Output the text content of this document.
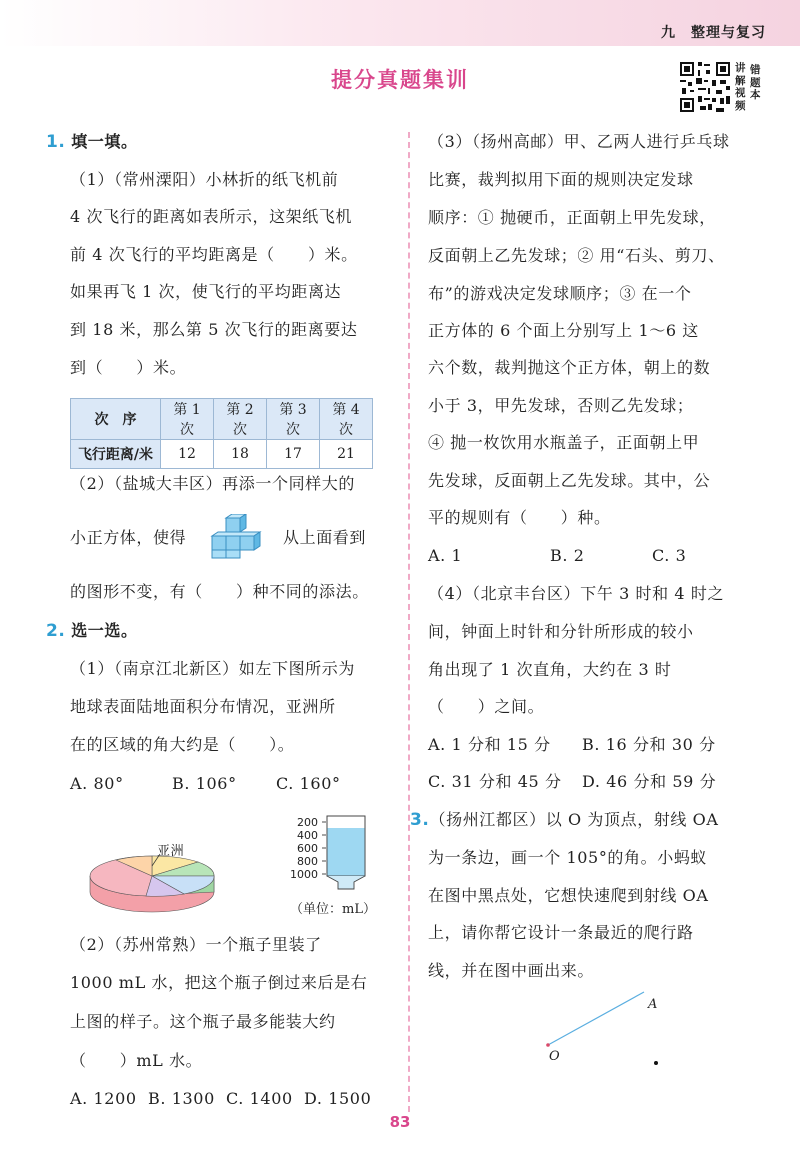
九　整理与复习
提分真题集训	讲
解
视
频
错
题
本
1. 填一填。
（1）（常州溧阳）小林折的纸飞机前
4 次飞行的距离如表所示，这架纸飞机
前 4 次飞行的平均距离是（　　）米。
如果再飞 1 次，使飞行的平均距离达
到 18 米，那么第 5 次飞行的距离要达
到（　　）米。
次　序	第 1 次	第 2 次	第 3 次	第 4 次
飞行距离/米	12	18	17	21
（2）（盐城大丰区）再添一个同样大的
小正方体，使得	从上面看到
的图形不变，有（　　）种不同的添法。
2. 选一选。
（1）（南京江北新区）如左下图所示为
地球表面陆地面积分布情况，亚洲所
在的区域的角大约是（　　）。
A. 80°	B. 106° C. 160°
亚洲
200
400
600
800
1000
（单位：mL）
（2）（苏州常熟）一个瓶子里装了
1000 mL 水，把这个瓶子倒过来后是右
上图的样子。这个瓶子最多能装大约
（　　）mL 水。
A. 1200 B. 1300 C. 1400 D. 1500
（3）（扬州高邮）甲、乙两人进行乒乓球
比赛，裁判拟用下面的规则决定发球
顺序：① 抛硬币，正面朝上甲先发球，
反面朝上乙先发球；② 用“石头、剪刀、
布”的游戏决定发球顺序；③ 在一个
正方体的 6 个面上分别写上 1～6 这
六个数，裁判抛这个正方体，朝上的数
小于 3，甲先发球，否则乙先发球；
④ 抛一枚饮用水瓶盖子，正面朝上甲
先发球，反面朝上乙先发球。其中，公
平的规则有（　　）种。
A. 1	B. 2	C. 3
（4）（北京丰台区）下午 3 时和 4 时之
间，钟面上时针和分针所形成的较小
角出现了 1 次直角，大约在 3 时
（　　）之间。
A. 1 分和 15 分 B. 16 分和 30 分
C. 31 分和 45 分 D. 46 分和 59 分
3.（扬州江都区）以 O 为顶点，射线 OA
为一条边，画一个 105°的角。小蚂蚁
在图中黑点处，它想快速爬到射线 OA
上，请你帮它设计一条最近的爬行路
线，并在图中画出来。
A
O
83
